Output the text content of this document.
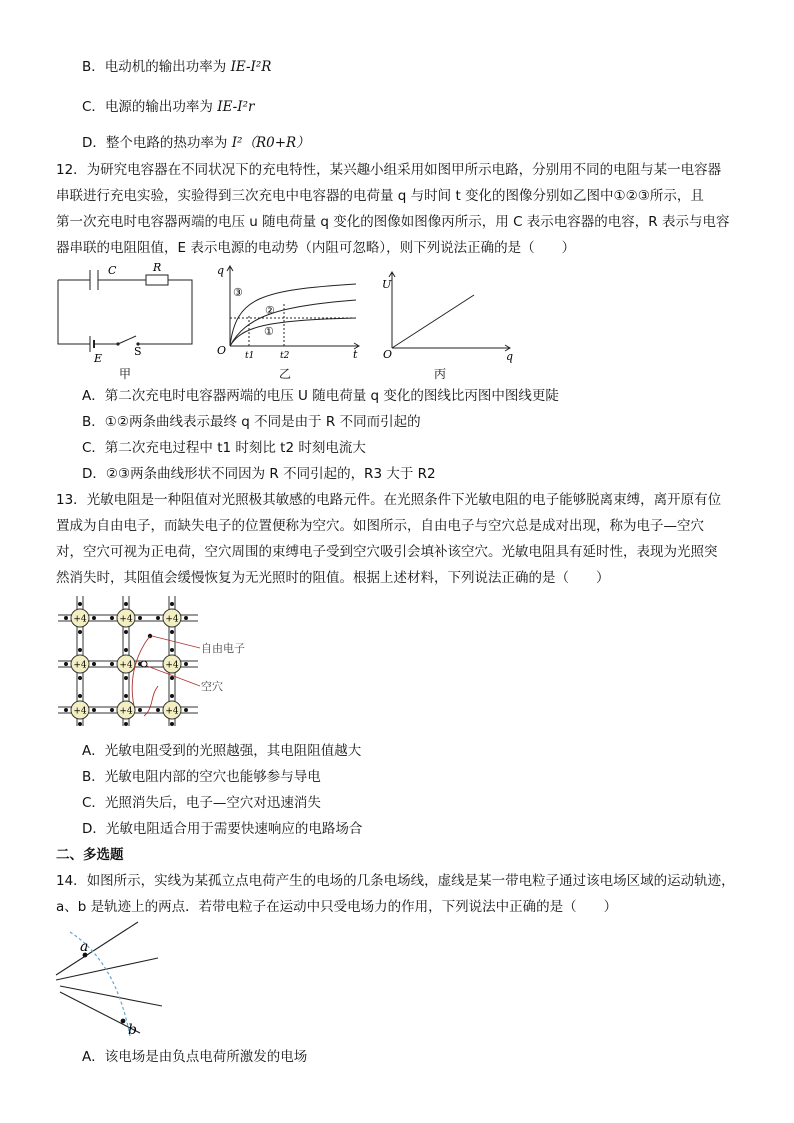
B．电动机的输出功率为 IE-I²R
C．电源的输出功率为 IE-I²r
D．整个电路的热功率为 I²（R0+R）
12．为研究电容器在不同状况下的充电特性，某兴趣小组采用如图甲所示电路，分别用不同的电阻与某一电容器
串联进行充电实验，实验得到三次充电中电容器的电荷量 q 与时间 t 变化的图像分别如乙图中①②③所示，且
第一次充电时电容器两端的电压 u 随电荷量 q 变化的图像如图像丙所示，用 C 表示电容器的电容，R 表示与电容
器串联的电阻阻值，E 表示电源的电动势（内阻可忽略），则下列说法正确的是（　　）
C	R
E
S
甲
q
O	t
t1	t2
③
②
①
乙
U
O	q
丙
A．第二次充电时电容器两端的电压 U 随电荷量 q 变化的图线比丙图中图线更陡
B．①②两条曲线表示最终 q 不同是由于 R 不同而引起的
C．第二次充电过程中 t1 时刻比 t2 时刻电流大
D．②③两条曲线形状不同因为 R 不同引起的，R3 大于 R2
13．光敏电阻是一种阻值对光照极其敏感的电路元件。在光照条件下光敏电阻的电子能够脱离束缚，离开原有位
置成为自由电子，而缺失电子的位置便称为空穴。如图所示，自由电子与空穴总是成对出现，称为电子—空穴
对，空穴可视为正电荷，空穴周围的束缚电子受到空穴吸引会填补该空穴。光敏电阻具有延时性，表现为光照突
然消失时，其阻值会缓慢恢复为无光照时的阻值。根据上述材料，下列说法正确的是（　　）
+4
+4
+4
+4
+4
+4
+4
+4
+4
自由电子
空穴
A．光敏电阻受到的光照越强，其电阻阻值越大
B．光敏电阻内部的空穴也能够参与导电
C．光照消失后，电子—空穴对迅速消失
D．光敏电阻适合用于需要快速响应的电路场合
二、多选题
14．如图所示，实线为某孤立点电荷产生的电场的几条电场线，虚线是某一带电粒子通过该电场区域的运动轨迹，
a、b 是轨迹上的两点．若带电粒子在运动中只受电场力的作用，下列说法中正确的是（　　）
a
b
A．该电场是由负点电荷所激发的电场
